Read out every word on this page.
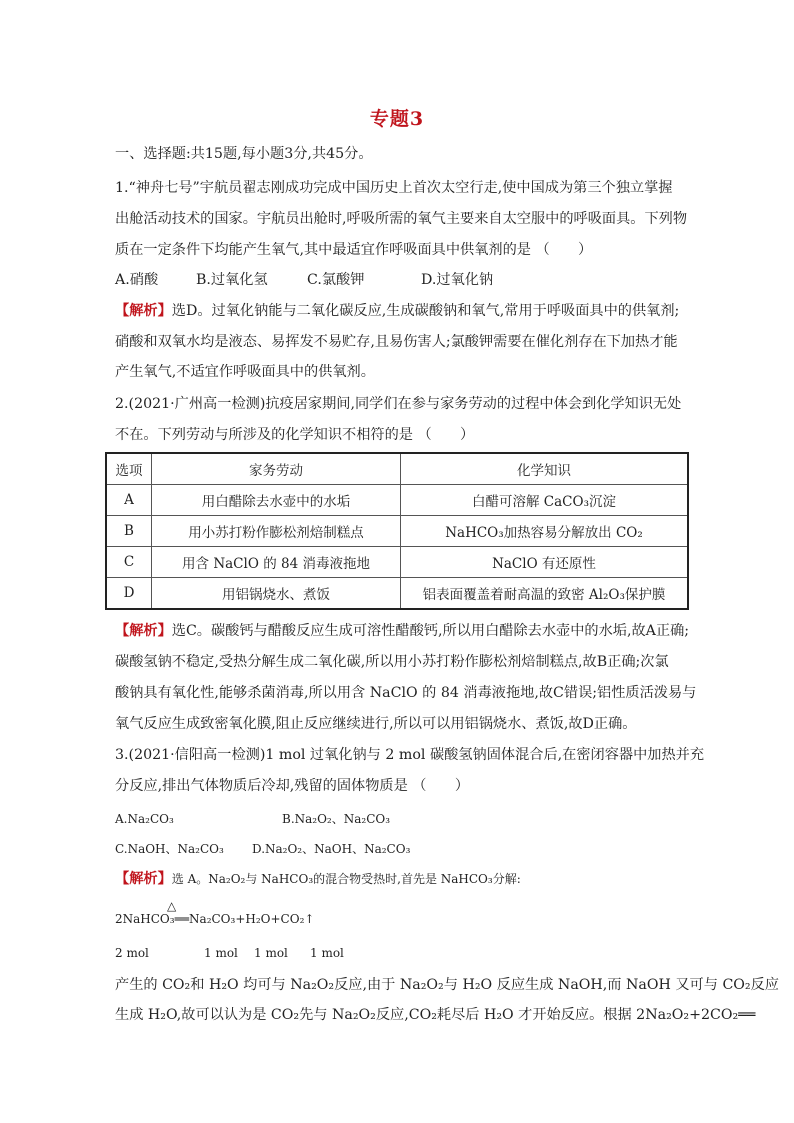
专题3
一、选择题:共15题,每小题3分,共45分。
1.“神舟七号”宇航员翟志刚成功完成中国历史上首次太空行走,使中国成为第三个独立掌握
出舱活动技术的国家。宇航员出舱时,呼吸所需的氧气主要来自太空服中的呼吸面具。下列物
质在一定条件下均能产生氧气,其中最适宜作呼吸面具中供氧剂的是 （　　）
A.硝酸	B.过氧化氢	C.氯酸钾	D.过氧化钠
【解析】选D。过氧化钠能与二氧化碳反应,生成碳酸钠和氧气,常用于呼吸面具中的供氧剂;
硝酸和双氧水均是液态、易挥发不易贮存,且易伤害人;氯酸钾需要在催化剂存在下加热才能
产生氧气,不适宜作呼吸面具中的供氧剂。
2.(2021·广州高一检测)抗疫居家期间,同学们在参与家务劳动的过程中体会到化学知识无处
不在。下列劳动与所涉及的化学知识不相符的是 （　　）
选项	家务劳动	化学知识
A	用白醋除去水壶中的水垢	白醋可溶解 CaCO₃沉淀
B	用小苏打粉作膨松剂焙制糕点	NaHCO₃加热容易分解放出 CO₂
C	用含 NaClO 的 84 消毒液拖地	NaClO 有还原性
D	用铝锅烧水、煮饭	铝表面覆盖着耐高温的致密 Al₂O₃保护膜
【解析】选C。碳酸钙与醋酸反应生成可溶性醋酸钙,所以用白醋除去水壶中的水垢,故A正确;
碳酸氢钠不稳定,受热分解生成二氧化碳,所以用小苏打粉作膨松剂焙制糕点,故B正确;次氯
酸钠具有氧化性,能够杀菌消毒,所以用含 NaClO 的 84 消毒液拖地,故C错误;铝性质活泼易与
氧气反应生成致密氧化膜,阻止反应继续进行,所以可以用铝锅烧水、煮饭,故D正确。
3.(2021·信阳高一检测)1 mol 过氧化钠与 2 mol 碳酸氢钠固体混合后,在密闭容器中加热并充
分反应,排出气体物质后冷却,残留的固体物质是 （　　）
A.Na₂CO₃	B.Na₂O₂、Na₂CO₃
C.NaOH、Na₂CO₃ D.Na₂O₂、NaOH、Na₂CO₃
【解析】选 A。Na₂O₂与 NaHCO₃的混合物受热时,首先是 NaHCO₃分解:
△
2NaHCO₃══Na₂CO₃+H₂O+CO₂↑
2 mol	1 mol 1 mol 1 mol
产生的 CO₂和 H₂O 均可与 Na₂O₂反应,由于 Na₂O₂与 H₂O 反应生成 NaOH,而 NaOH 又可与 CO₂反应
生成 H₂O,故可以认为是 CO₂先与 Na₂O₂反应,CO₂耗尽后 H₂O 才开始反应。根据 2Na₂O₂+2CO₂══
